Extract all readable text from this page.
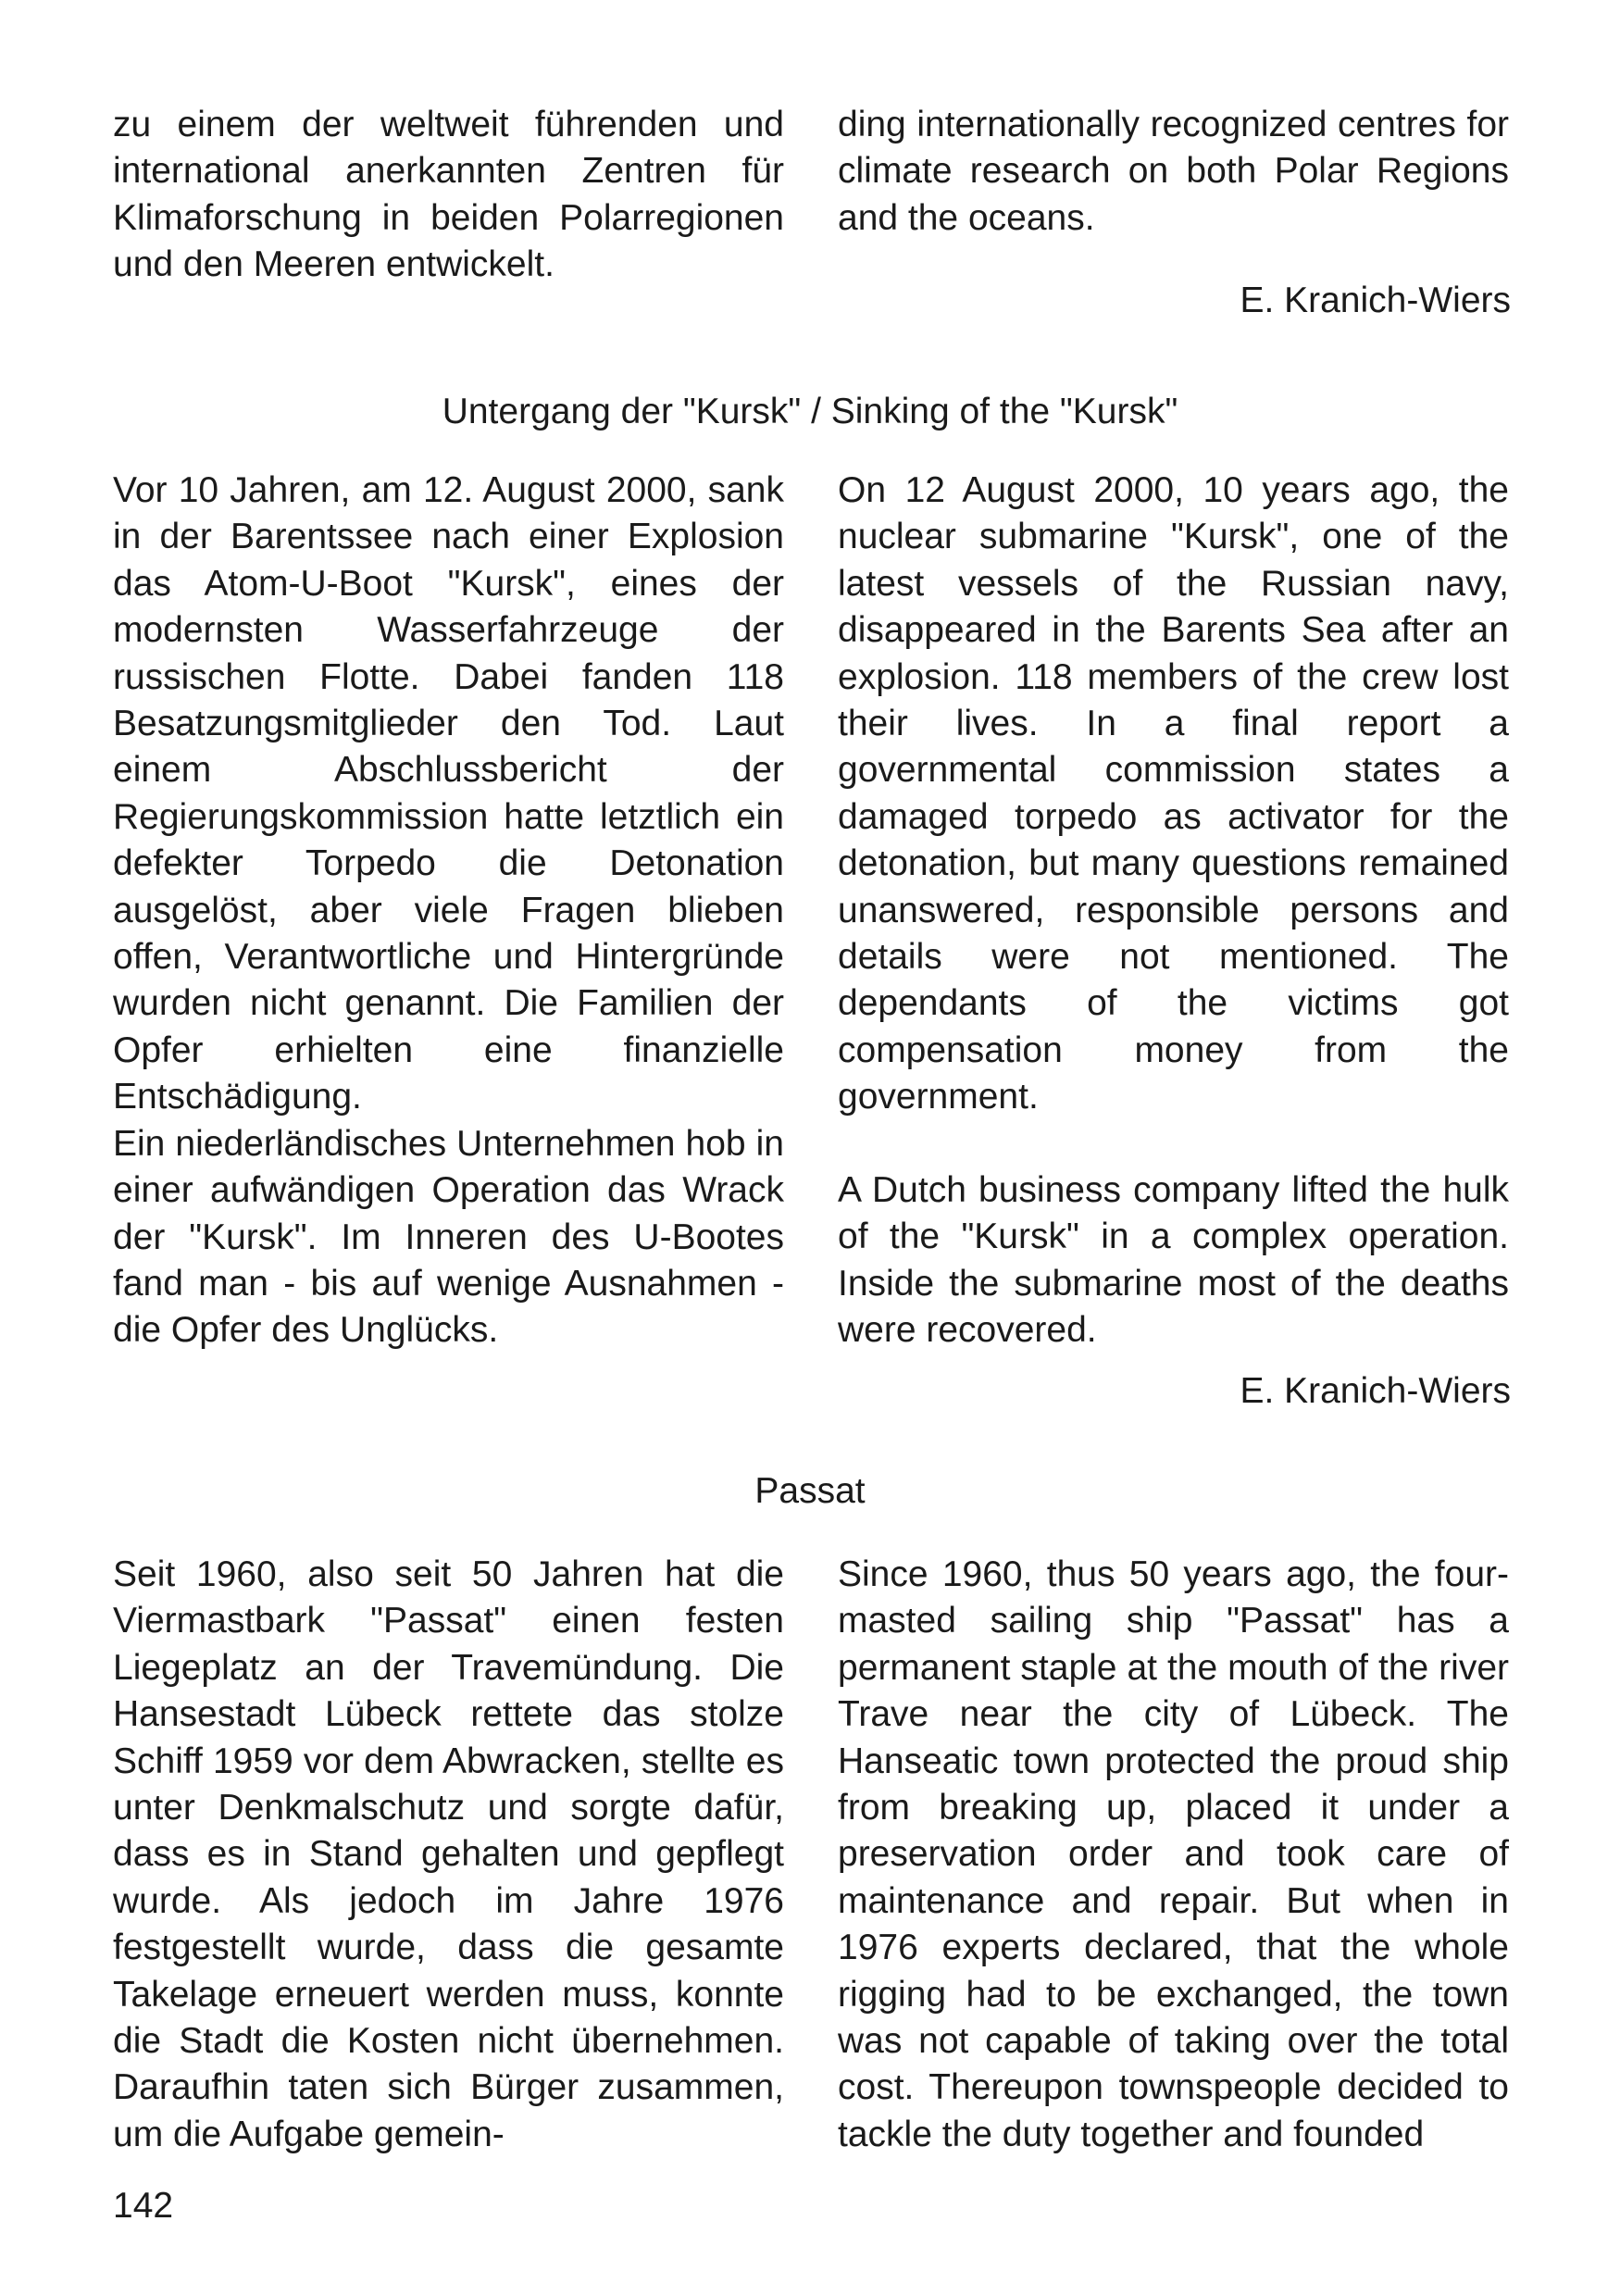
zu einem der weltweit führenden und international anerkannten Zentren für Klimaforschung in beiden Polarregionen und den Meeren entwickelt.

ding internationally recognized centres for climate research on both Polar Regions and the oceans.

E. Kranich-Wiers
Untergang der "Kursk" / Sinking of the "Kursk"

Vor 10 Jahren, am 12. August 2000, sank in der Barentssee nach einer Explosion das Atom-U-Boot "Kursk", eines der modernsten Wasserfahrzeuge der russischen Flotte. Dabei fanden 118 Besatzungsmitglieder den Tod. Laut einem Abschlussbericht der Regierungskommission hatte letztlich ein defekter Torpedo die Detonation ausgelöst, aber viele Fragen blieben offen, Verantwortliche und Hintergründe wurden nicht genannt. Die Familien der Opfer erhielten eine finanzielle Entschädigung.

Ein niederländisches Unternehmen hob in einer aufwändigen Operation das Wrack der "Kursk". Im Inneren des U-Bootes fand man - bis auf wenige Ausnahmen - die Opfer des Unglücks.

On 12 August 2000, 10 years ago, the nuclear submarine "Kursk", one of the latest vessels of the Russian navy, disappeared in the Barents Sea after an explosion. 118 members of the crew lost their lives. In a final report a governmental commission states a damaged torpedo as activator for the detonation, but many questions remained unanswered, responsible persons and details were not mentioned. The dependants of the victims got compensation money from the government.

A Dutch business company lifted the hulk of the "Kursk" in a complex operation. Inside the submarine most of the deaths were recovered.

E. Kranich-Wiers
Passat

Seit 1960, also seit 50 Jahren hat die Viermastbark "Passat" einen festen Liegeplatz an der Travemündung. Die Hansestadt Lübeck rettete das stolze Schiff 1959 vor dem Abwracken, stellte es unter Denkmalschutz und sorgte dafür, dass es in Stand gehalten und gepflegt wurde. Als jedoch im Jahre 1976 festgestellt wurde, dass die gesamte Takelage erneuert werden muss, konnte die Stadt die Kosten nicht übernehmen. Daraufhin taten sich Bürger zusammen, um die Aufgabe gemein-

Since 1960, thus 50 years ago, the four-masted sailing ship "Passat" has a permanent staple at the mouth of the river Trave near the city of Lübeck. The Hanseatic town protected the proud ship from breaking up, placed it under a preservation order and took care of maintenance and repair. But when in 1976 experts declared, that the whole rigging had to be exchanged, the town was not capable of taking over the total cost. Thereupon townspeople decided to tackle the duty together and founded

142
